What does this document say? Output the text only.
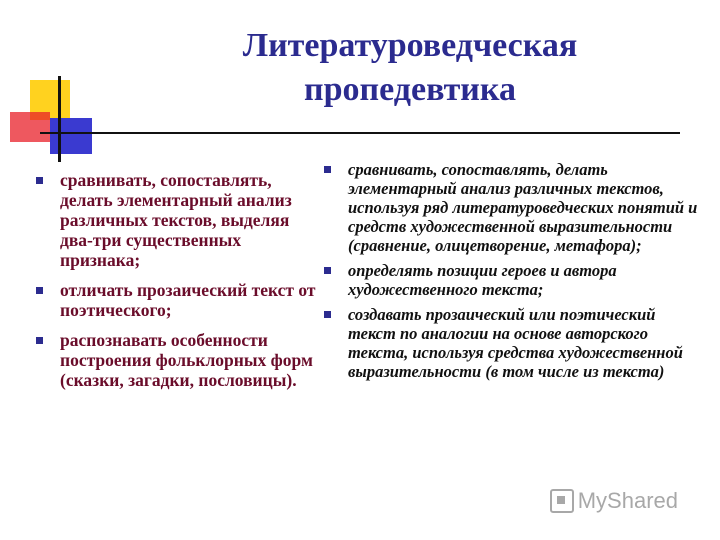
Литературоведческая
пропедевтика
сравнивать, сопоставлять, делать элементарный анализ различных текстов, выделяя два-три существенных признака;
отличать прозаический текст от поэтического;
распознавать особенности построения фольклорных форм (сказки, загадки, пословицы).
сравнивать, сопоставлять, делать элементарный анализ различных текстов, используя ряд литературоведческих понятий и средств художественной выразительности (сравнение, олицетворение, метафора);
определять позиции героев и автора художественного текста;
создавать прозаический или поэтический текст по аналогии на основе авторского текста, используя средства художественной выразительности (в том числе из текста)
MyShared
